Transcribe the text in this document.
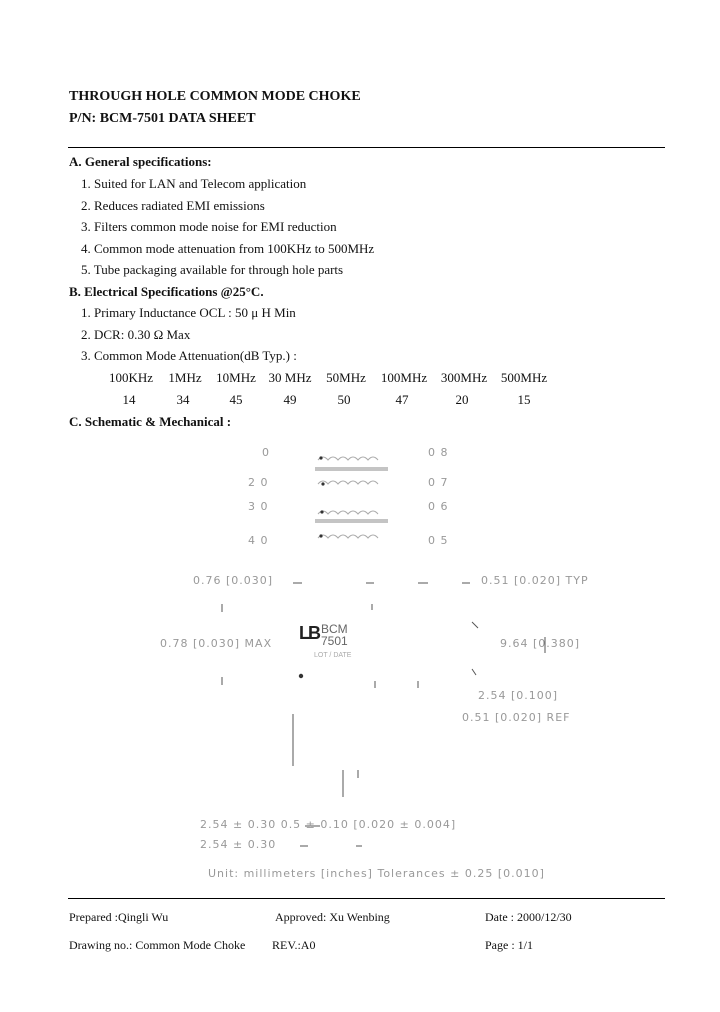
THROUGH HOLE COMMON MODE CHOKE
P/N: BCM-7501 DATA SHEET
A. General specifications:
1. Suited for LAN and Telecom application
2. Reduces radiated EMI emissions
3. Filters common mode noise for EMI reduction
4. Common mode attenuation from 100KHz to 500MHz
5. Tube packaging available for through hole parts
B. Electrical Specifications @25°C.
1. Primary Inductance OCL : 50 μ H Min
2. DCR: 0.30 Ω Max
3. Common Mode Attenuation(dB Typ.) :
100KHz	1MHz	10MHz 30 MHz	50MHz	100MHz	300MHz	500MHz
14	34	45	49	50	47	20	15
C. Schematic & Mechanical :
0
2 0
3 0
4 0
0 8
0 7
0 6
0 5
0.76 [0.030]	0.51 [0.020] TYP
0.78 [0.030] MAX	9.64 [0.380]
2.54 [0.100]
0.51 [0.020] REF
2.54 ± 0.30 0.5 ± 0.10 [0.020 ± 0.004]
2.54 ± 0.30
Unit: millimeters [inches] Tolerances ± 0.25 [0.010]
LB BCM
7501
LOT / DATE
Prepared :Qingli Wu	Approved: Xu Wenbing	Date : 2000/12/30
Drawing no.: Common Mode Choke REV.:A0	Page : 1/1
